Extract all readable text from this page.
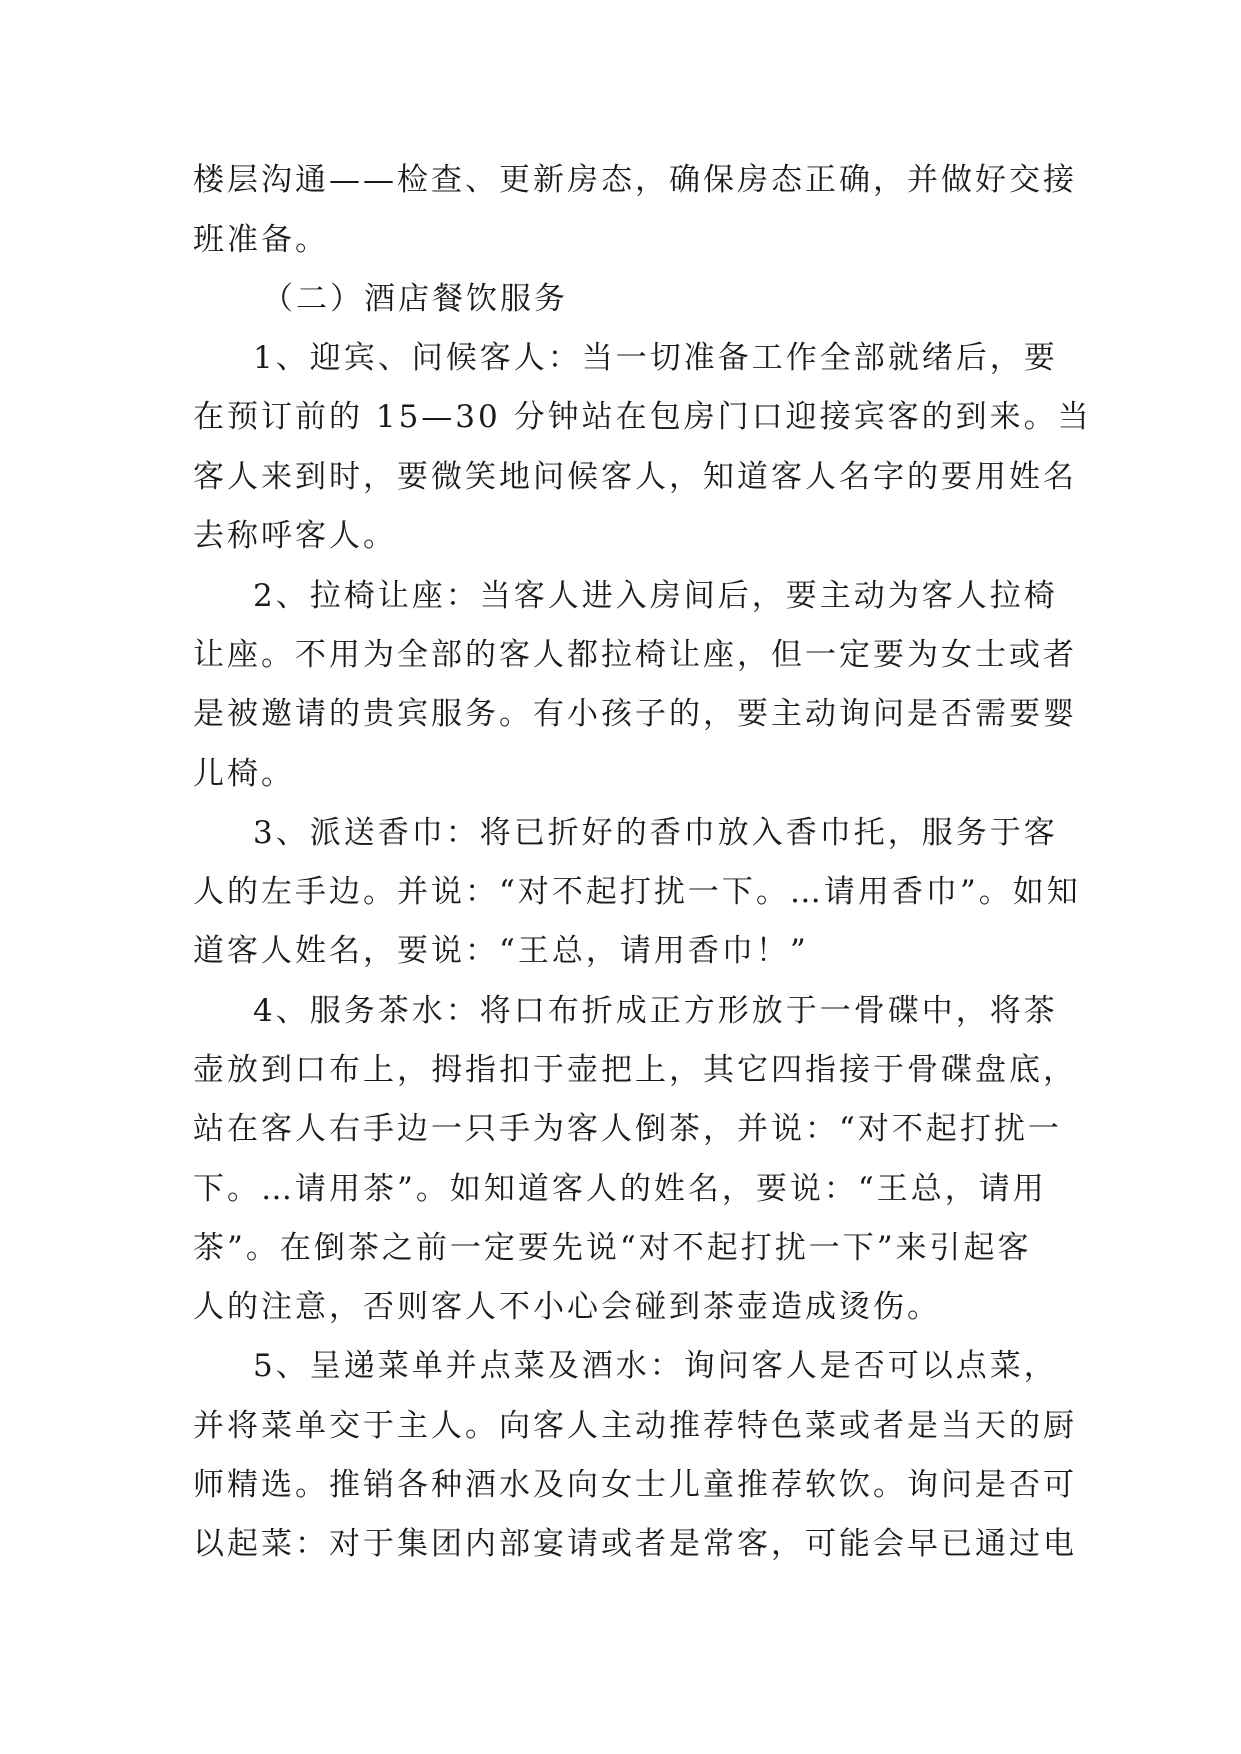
楼层沟通——检查、更新房态，确保房态正确，并做好交接
班准备。
（二）酒店餐饮服务
1、迎宾、问候客人：当一切准备工作全部就绪后，要
在预订前的 15—30 分钟站在包房门口迎接宾客的到来。当
客人来到时，要微笑地问候客人，知道客人名字的要用姓名
去称呼客人。
2、拉椅让座：当客人进入房间后，要主动为客人拉椅
让座。不用为全部的客人都拉椅让座，但一定要为女士或者
是被邀请的贵宾服务。有小孩子的，要主动询问是否需要婴
儿椅。
3、派送香巾：将已折好的香巾放入香巾托，服务于客
人的左手边。并说：“对不起打扰一下。…请用香巾”。如知
道客人姓名，要说：“王总，请用香巾！”
4、服务茶水：将口布折成正方形放于一骨碟中，将茶
壶放到口布上，拇指扣于壶把上，其它四指接于骨碟盘底，
站在客人右手边一只手为客人倒茶，并说：“对不起打扰一
下。…请用茶”。如知道客人的姓名，要说：“王总，请用
茶”。在倒茶之前一定要先说“对不起打扰一下”来引起客
人的注意，否则客人不小心会碰到茶壶造成烫伤。
5、呈递菜单并点菜及酒水：询问客人是否可以点菜，
并将菜单交于主人。向客人主动推荐特色菜或者是当天的厨
师精选。推销各种酒水及向女士儿童推荐软饮。询问是否可
以起菜：对于集团内部宴请或者是常客，可能会早已通过电
